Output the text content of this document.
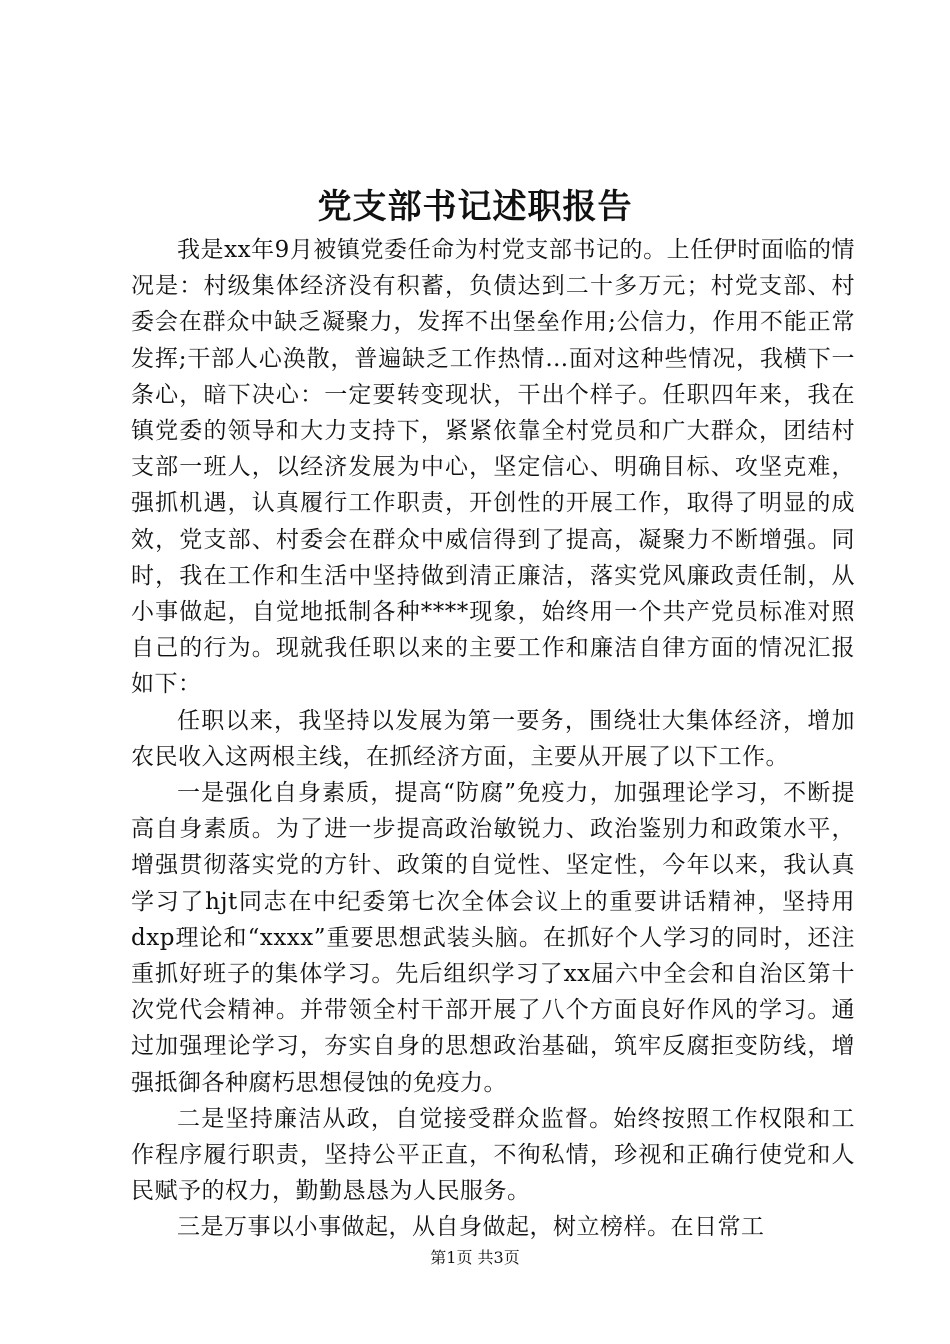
党支部书记述职报告

我是xx年9月被镇党委任命为村党支部书记的。上任伊时面临的情况是：村级集体经济没有积蓄，负债达到二十多万元；村党支部、村委会在群众中缺乏凝聚力，发挥不出堡垒作用;公信力，作用不能正常发挥;干部人心涣散，普遍缺乏工作热情…面对这种些情况，我横下一条心，暗下决心：一定要转变现状，干出个样子。任职四年来，我在镇党委的领导和大力支持下，紧紧依靠全村党员和广大群众，团结村支部一班人，以经济发展为中心，坚定信心、明确目标、攻坚克难，强抓机遇，认真履行工作职责，开创性的开展工作，取得了明显的成效，党支部、村委会在群众中威信得到了提高，凝聚力不断增强。同时，我在工作和生活中坚持做到清正廉洁，落实党风廉政责任制，从小事做起，自觉地抵制各种****现象，始终用一个共产党员标准对照自己的行为。现就我任职以来的主要工作和廉洁自律方面的情况汇报如下：

任职以来，我坚持以发展为第一要务，围绕壮大集体经济，增加农民收入这两根主线，在抓经济方面，主要从开展了以下工作。

一是强化自身素质，提高“防腐”免疫力，加强理论学习，不断提高自身素质。为了进一步提高政治敏锐力、政治鉴别力和政策水平，增强贯彻落实党的方针、政策的自觉性、坚定性，今年以来，我认真学习了hjt同志在中纪委第七次全体会议上的重要讲话精神，坚持用dxp理论和“xxxx”重要思想武装头脑。在抓好个人学习的同时，还注重抓好班子的集体学习。先后组织学习了xx届六中全会和自治区第十次党代会精神。并带领全村干部开展了八个方面良好作风的学习。通过加强理论学习，夯实自身的思想政治基础，筑牢反腐拒变防线，增强抵御各种腐朽思想侵蚀的免疫力。

二是坚持廉洁从政，自觉接受群众监督。始终按照工作权限和工作程序履行职责，坚持公平正直，不徇私情，珍视和正确行使党和人民赋予的权力，勤勤恳恳为人民服务。

三是万事以小事做起，从自身做起，树立榜样。在日常工

第1页 共3页
